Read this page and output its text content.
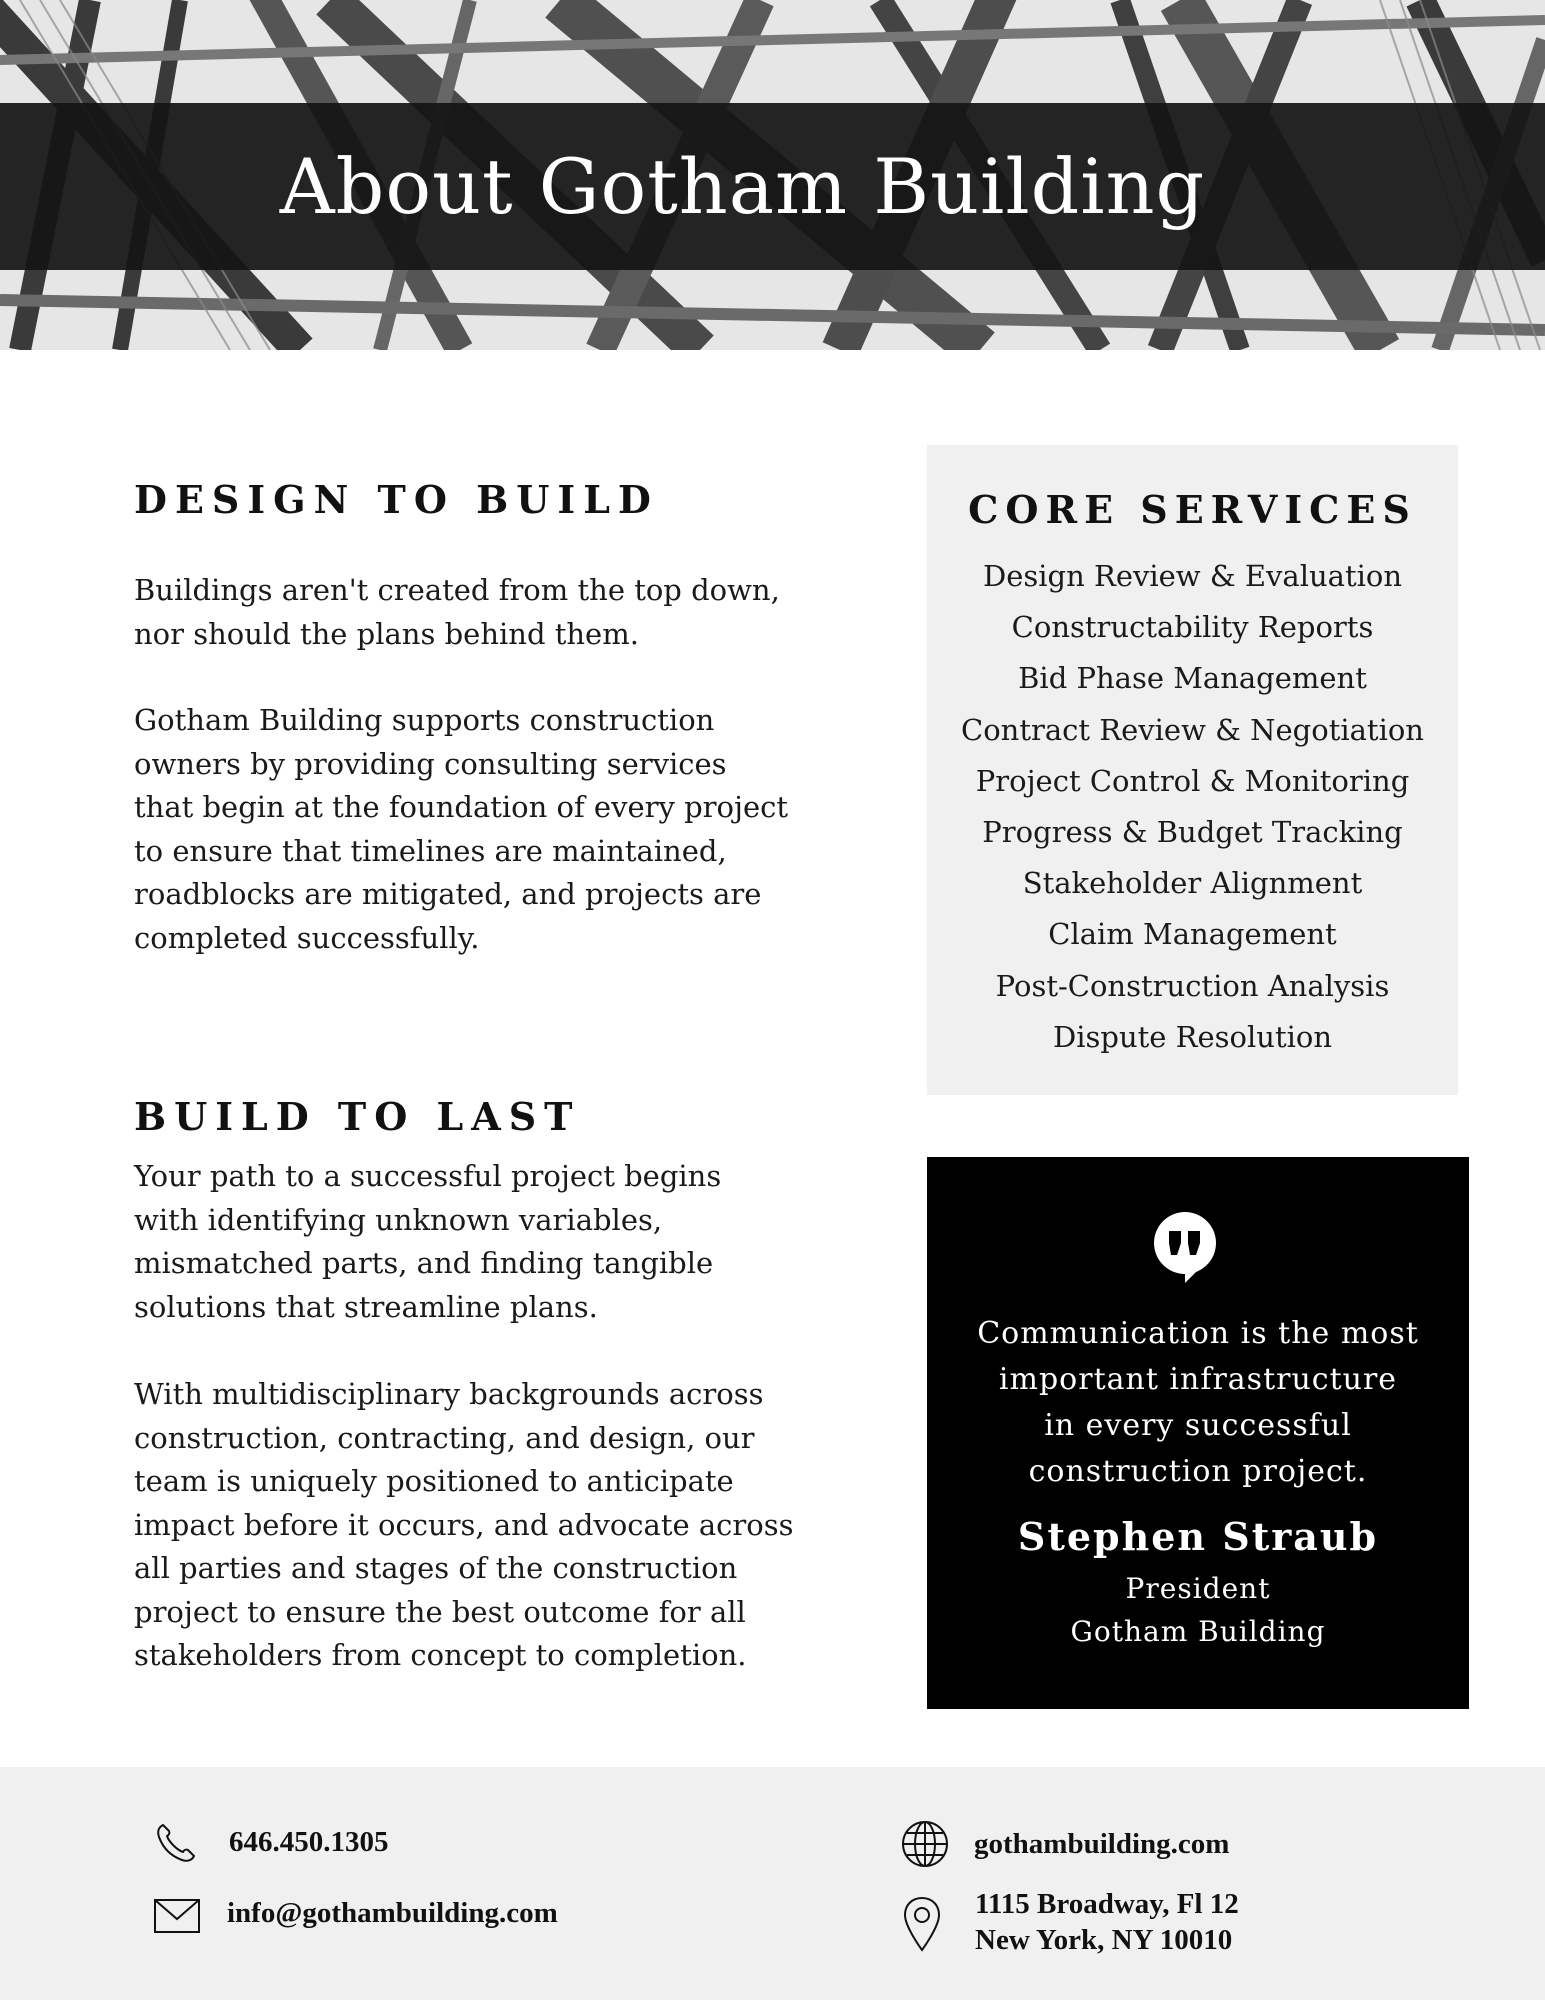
About Gotham Building
DESIGN TO BUILD

Buildings aren't created from the top down, nor should the plans behind them.

Gotham Building supports construction owners by providing consulting services that begin at the foundation of every project to ensure that timelines are maintained, roadblocks are mitigated, and projects are completed successfully.

BUILD TO LAST

Your path to a successful project begins with identifying unknown variables, mismatched parts, and finding tangible solutions that streamline plans.

With multidisciplinary backgrounds across construction, contracting, and design, our team is uniquely positioned to anticipate impact before it occurs, and advocate across all parties and stages of the construction project to ensure the best outcome for all stakeholders from concept to completion.

CORE SERVICES
Design Review & Evaluation
Constructability Reports
Bid Phase Management
Contract Review & Negotiation
Project Control & Monitoring
Progress & Budget Tracking
Stakeholder Alignment
Claim Management
Post-Construction Analysis
Dispute Resolution
Communication is the most
important infrastructure
in every successful
construction project.
Stephen Straub
President
Gotham Building
646.450.1305
info@gothambuilding.com
gothambuilding.com
1115 Broadway, Fl 12
New York, NY 10010
